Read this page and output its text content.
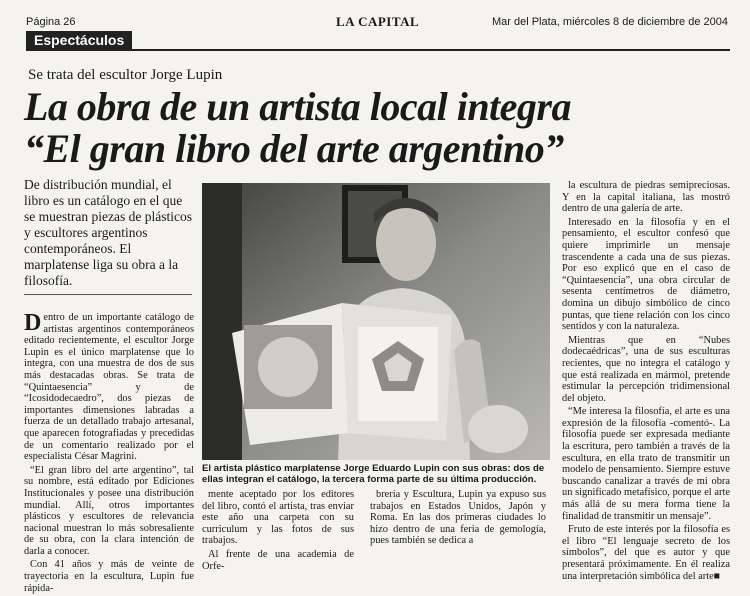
Página 26	LA CAPITAL	Mar del Plata, miércoles 8 de diciembre de 2004
Espectáculos
Se trata del escultor Jorge Lupin
La obra de un artista local integra
“El gran libro del arte argentino”
De distribución mundial, el libro es un catálogo en el que se muestran piezas de plásticos y escultores argentinos contemporáneos. El marplatense liga su obra a la filosofía.

Dentro de un importante catálogo de artistas argentinos contemporáneos editado recientemente, el escultor Jorge Lupin es el único marplatense que lo integra, con una muestra de dos de sus más destacadas obras. Se trata de “Quintaesencia” y de “Icosidodecaedro”, dos piezas de importantes dimensiones labradas a fuerza de un detallado trabajo artesanal, que aparecen fotografiadas y precedidas de un comentario realizado por el especialista César Magrini.

“El gran libro del arte argentino”, tal su nombre, está editado por Ediciones Institucionales y posee una distribución mundial. Allí, otros importantes plásticos y escultores de relevancia nacional muestran lo más sobresaliente de su obra, con la clara intención de darla a conocer.

Con 41 años y más de veinte de trayectoria en la escultura, Lupin fue rápida-

El artista plástico marplatense Jorge Eduardo Lupin con sus obras: dos de ellas integran el catálogo, la tercera forma parte de su última producción.

mente aceptado por los editores del libro, contó el artista, tras enviar este año una carpeta con su curriculum y las fotos de sus trabajos.

Al frente de una academia de Orfe-

brería y Escultura, Lupin ya expuso sus trabajos en Estados Unidos, Japón y Roma. En las dos primeras ciudades lo hizo dentro de una feria de gemología, pues también se dedica a

la escultura de piedras semipreciosas. Y en la capital italiana, las mostró dentro de una galería de arte.

Interesado en la filosofía y en el pensamiento, el escultor confesó que quiere imprimirle un mensaje trascendente a cada una de sus piezas. Por eso explicó que en el caso de “Quintaesencia”, una obra circular de sesenta centímetros de diámetro, domina un dibujo simbólico de cinco puntas, que tiene relación con los cinco sentidos y con la naturaleza.

Mientras que en “Nubes dodecaédricas”, una de sus esculturas recientes, que no integra el catálogo y que está realizada en mármol, pretende estimular la percepción tridimensional del objeto.

“Me interesa la filosofía, el arte es una expresión de la filosofía -comentó-. La filosofía puede ser expresada mediante la escritura, pero también a través de la escultura, en ella trato de transmitir un modelo de pensamiento. Siempre estuve buscando canalizar a través de mi obra un significado metafísico, porque el arte más allá de su mera forma tiene la finalidad de transmitir un mensaje”.

Fruto de este interés por la filosofía es el libro “El lenguaje secreto de los símbolos”, del que es autor y que presentará próximamente. En él realiza una interpretación simbólica del arte■
